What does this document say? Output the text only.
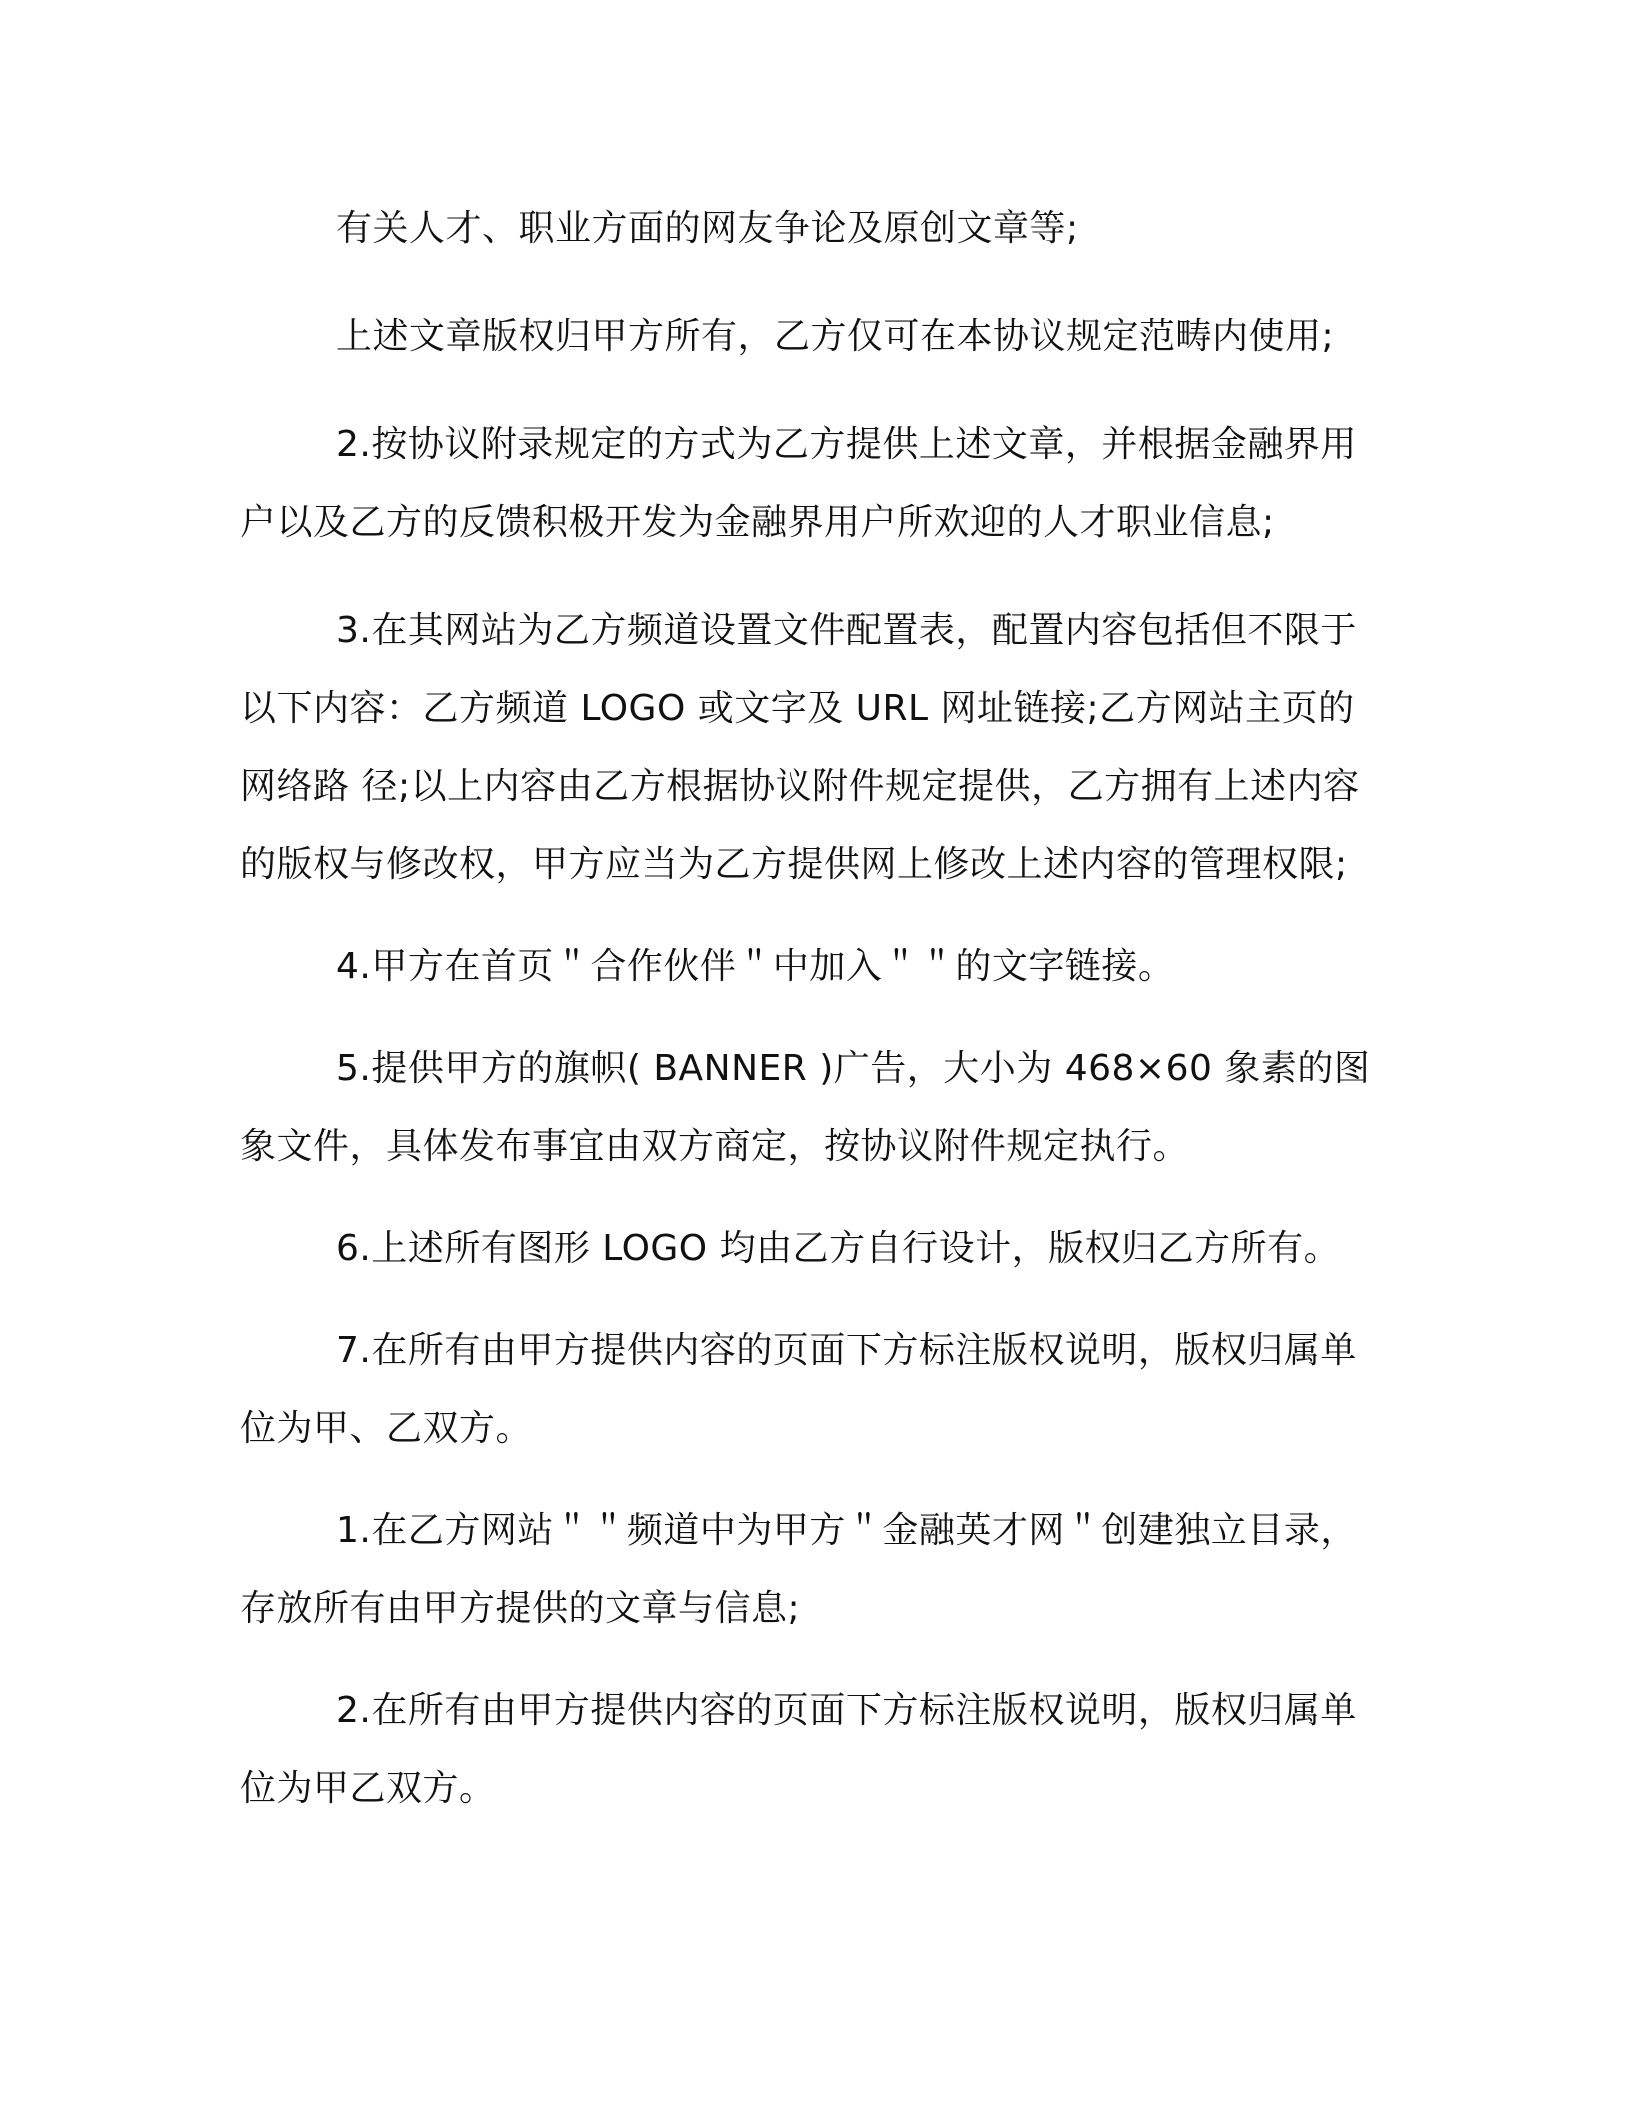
有关人才、职业方面的网友争论及原创文章等;

上述文章版权归甲方所有，乙方仅可在本协议规定范畴内使用;

2.按协议附录规定的方式为乙方提供上述文章，并根据金融界用户以及乙方的反馈积极开发为金融界用户所欢迎的人才职业信息;

3.在其网站为乙方频道设置文件配置表，配置内容包括但不限于以下内容：乙方频道 LOGO 或文字及 URL 网址链接;乙方网站主页的网络路 径;以上内容由乙方根据协议附件规定提供，乙方拥有上述内容的版权与修改权，甲方应当为乙方提供网上修改上述内容的管理权限;

4.甲方在首页＂合作伙伴＂中加入＂＂的文字链接。

5.提供甲方的旗帜( BANNER )广告，大小为 468×60 象素的图象文件，具体发布事宜由双方商定，按协议附件规定执行。

6.上述所有图形 LOGO 均由乙方自行设计，版权归乙方所有。

7.在所有由甲方提供内容的页面下方标注版权说明，版权归属单位为甲、乙双方。

1.在乙方网站＂＂频道中为甲方＂金融英才网＂创建独立目录，存放所有由甲方提供的文章与信息;

2.在所有由甲方提供内容的页面下方标注版权说明，版权归属单位为甲乙双方。
